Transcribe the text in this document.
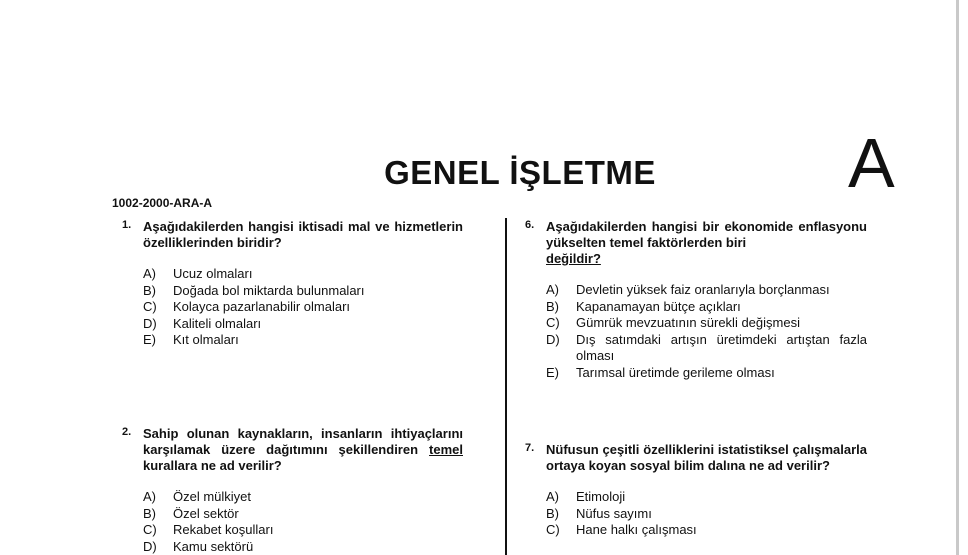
GENEL İŞLETME	A
1002-2000-ARA-A
1. Aşağıdakilerden hangisi iktisadi mal ve hizmetlerin özelliklerinden biridir?
A)	Ucuz olmaları
B)	Doğada bol miktarda bulunmaları
C)	Kolayca pazarlanabilir olmaları
D)	Kaliteli olmaları
E)	Kıt olmaları
2. Sahip olunan kaynakların, insanların ihtiyaçlarını karşılamak üzere dağıtımını şekillendiren temel kurallara ne ad verilir?
A)	Özel mülkiyet
B)	Özel sektör
C)	Rekabet koşulları
D)	Kamu sektörü
6. Aşağıdakilerden hangisi bir ekonomide enflasyonu yükselten temel faktörlerden biri
değildir?
A)	Devletin yüksek faiz oranlarıyla borçlanması
B)	Kapanamayan bütçe açıkları
C)	Gümrük mevzuatının sürekli değişmesi
D)	Dış satımdaki artışın üretimdeki artıştan fazla olması
E)	Tarımsal üretimde gerileme olması
7. Nüfusun çeşitli özelliklerini istatistiksel çalışmalarla ortaya koyan sosyal bilim dalına ne ad verilir?
A)	Etimoloji
B)	Nüfus sayımı
C)	Hane halkı çalışması
